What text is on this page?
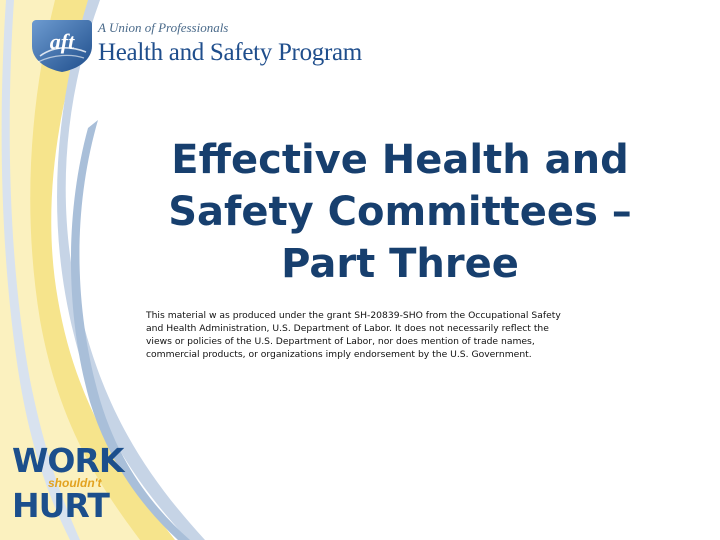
aft
A Union of Professionals
Health and Safety Program
Effective Health and
Safety Committees –
Part Three
This material w as produced under the grant SH-20839-SHO from the Occupational Safety
and Health Administration, U.S. Department of Labor. It does not necessarily reflect the
views or policies of the U.S. Department of Labor, nor does mention of trade names,
commercial products, or organizations imply endorsement by the U.S. Government.
WORK
shouldn't
HURT
